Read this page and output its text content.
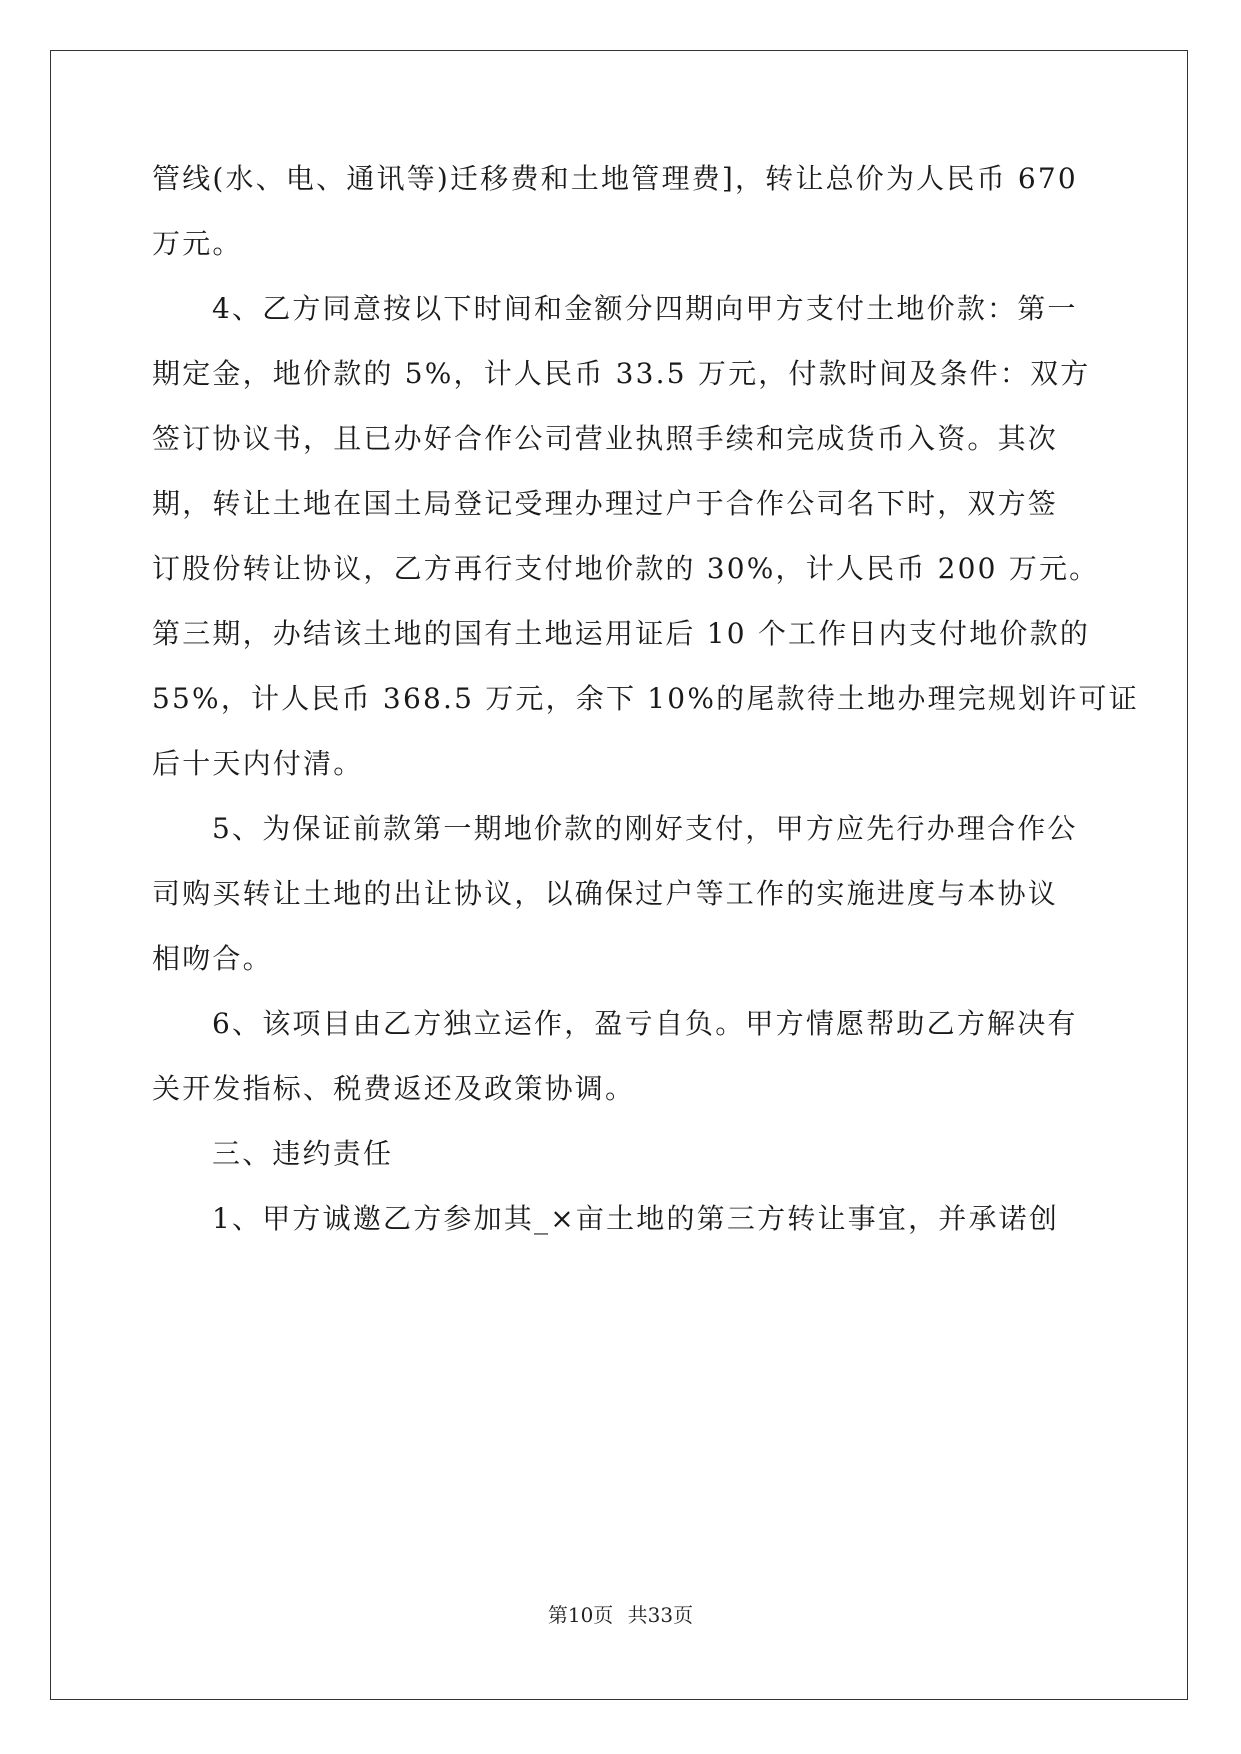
管线(水、电、通讯等)迁移费和土地管理费]，转让总价为人民币 670
万元。
4、乙方同意按以下时间和金额分四期向甲方支付土地价款：第一
期定金，地价款的 5%，计人民币 33.5 万元，付款时间及条件：双方
签订协议书，且已办好合作公司营业执照手续和完成货币入资。其次
期，转让土地在国土局登记受理办理过户于合作公司名下时，双方签
订股份转让协议，乙方再行支付地价款的 30%，计人民币 200 万元。
第三期，办结该土地的国有土地运用证后 10 个工作日内支付地价款的
55%，计人民币 368.5 万元，余下 10%的尾款待土地办理完规划许可证
后十天内付清。
5、为保证前款第一期地价款的刚好支付，甲方应先行办理合作公
司购买转让土地的出让协议，以确保过户等工作的实施进度与本协议
相吻合。
6、该项目由乙方独立运作，盈亏自负。甲方情愿帮助乙方解决有
关开发指标、税费返还及政策协调。
三、违约责任
1、甲方诚邀乙方参加其_×亩土地的第三方转让事宜，并承诺创
第10页 共33页
